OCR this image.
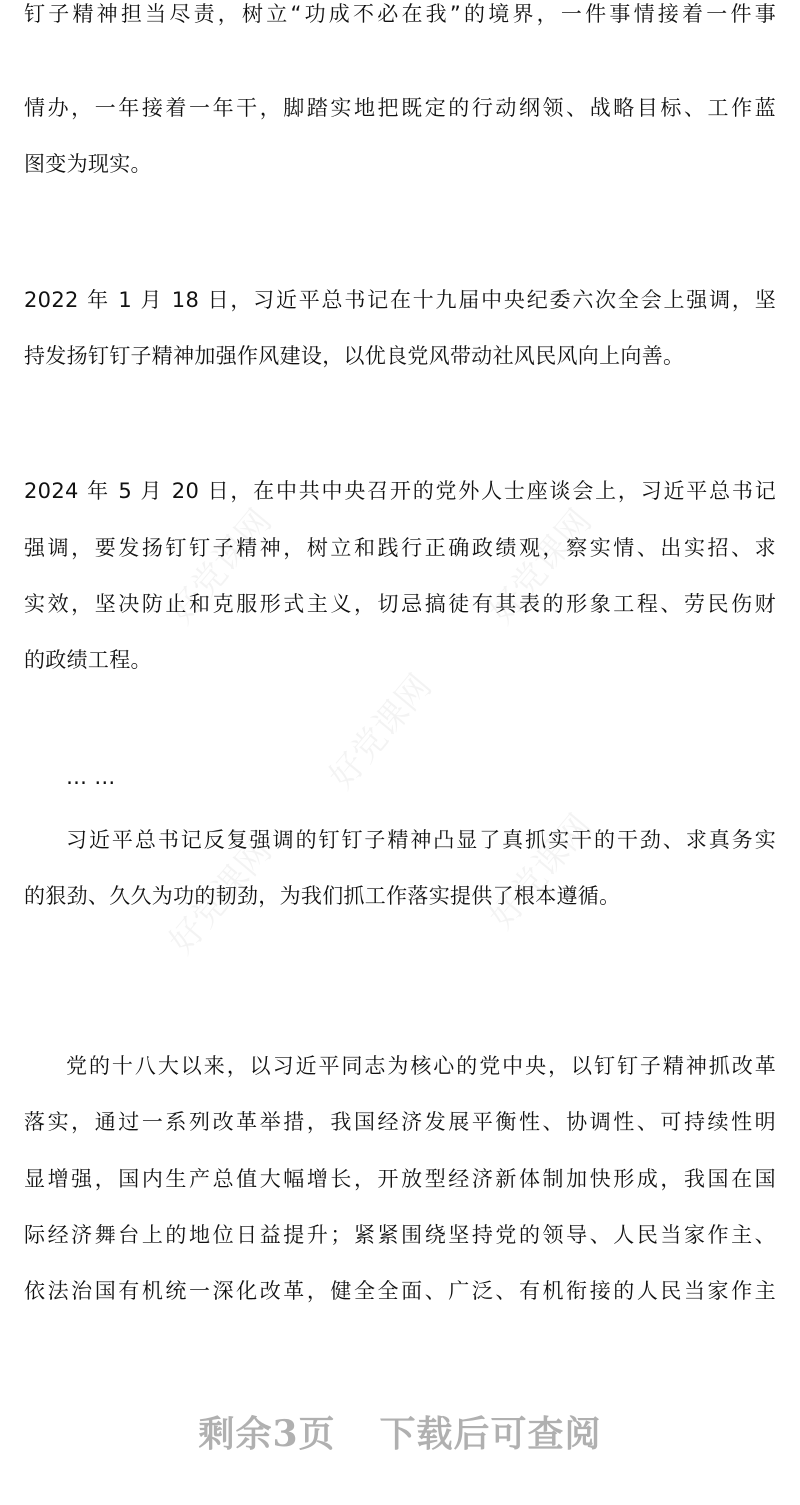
钉子精神担当尽责，树立“功成不必在我”的境界，一件事情接着一件事
情办，一年接着一年干，脚踏实地把既定的行动纲领、战略目标、工作蓝
图变为现实。
2022 年 1 月 18 日，习近平总书记在十九届中央纪委六次全会上强调，坚
持发扬钉钉子精神加强作风建设，以优良党风带动社风民风向上向善。
2024 年 5 月 20 日，在中共中央召开的党外人士座谈会上，习近平总书记
强调，要发扬钉钉子精神，树立和践行正确政绩观，察实情、出实招、求
实效，坚决防止和克服形式主义，切忌搞徒有其表的形象工程、劳民伤财
的政绩工程。
… …
习近平总书记反复强调的钉钉子精神凸显了真抓实干的干劲、求真务实
的狠劲、久久为功的韧劲，为我们抓工作落实提供了根本遵循。
党的十八大以来，以习近平同志为核心的党中央，以钉钉子精神抓改革
落实，通过一系列改革举措，我国经济发展平衡性、协调性、可持续性明
显增强，国内生产总值大幅增长，开放型经济新体制加快形成，我国在国
际经济舞台上的地位日益提升；紧紧围绕坚持党的领导、人民当家作主、
依法治国有机统一深化改革，健全全面、广泛、有机衔接的人民当家作主
剩余3页 下载后可查阅
